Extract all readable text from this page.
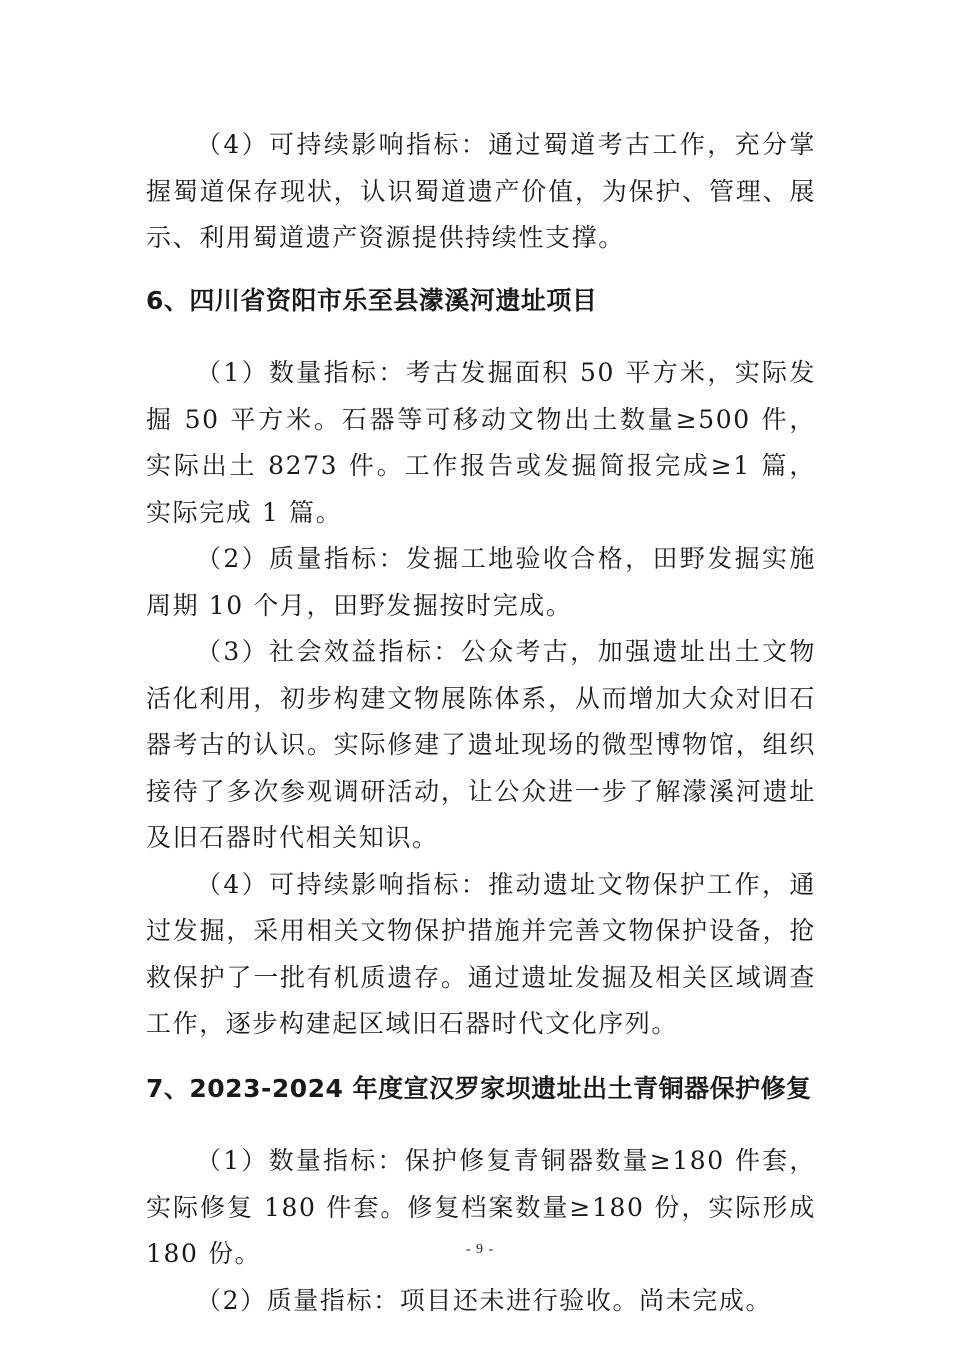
（4）可持续影响指标：通过蜀道考古工作，充分掌握蜀道保存现状，认识蜀道遗产价值，为保护、管理、展示、利用蜀道遗产资源提供持续性支撑。

6、四川省资阳市乐至县濛溪河遗址项目

（1）数量指标：考古发掘面积 50 平方米，实际发掘 50 平方米。石器等可移动文物出土数量≥500 件，实际出土 8273 件。工作报告或发掘简报完成≥1 篇，实际完成 1 篇。

（2）质量指标：发掘工地验收合格，田野发掘实施周期 10 个月，田野发掘按时完成。

（3）社会效益指标：公众考古，加强遗址出土文物活化利用，初步构建文物展陈体系，从而增加大众对旧石器考古的认识。实际修建了遗址现场的微型博物馆，组织接待了多次参观调研活动，让公众进一步了解濛溪河遗址及旧石器时代相关知识。

（4）可持续影响指标：推动遗址文物保护工作，通过发掘，采用相关文物保护措施并完善文物保护设备，抢救保护了一批有机质遗存。通过遗址发掘及相关区域调查工作，逐步构建起区域旧石器时代文化序列。

7、2023-2024 年度宣汉罗家坝遗址出土青铜器保护修复

（1）数量指标：保护修复青铜器数量≥180 件套，实际修复 180 件套。修复档案数量≥180 份，实际形成 180 份。

（2）质量指标：项目还未进行验收。尚未完成。

- 9 -
